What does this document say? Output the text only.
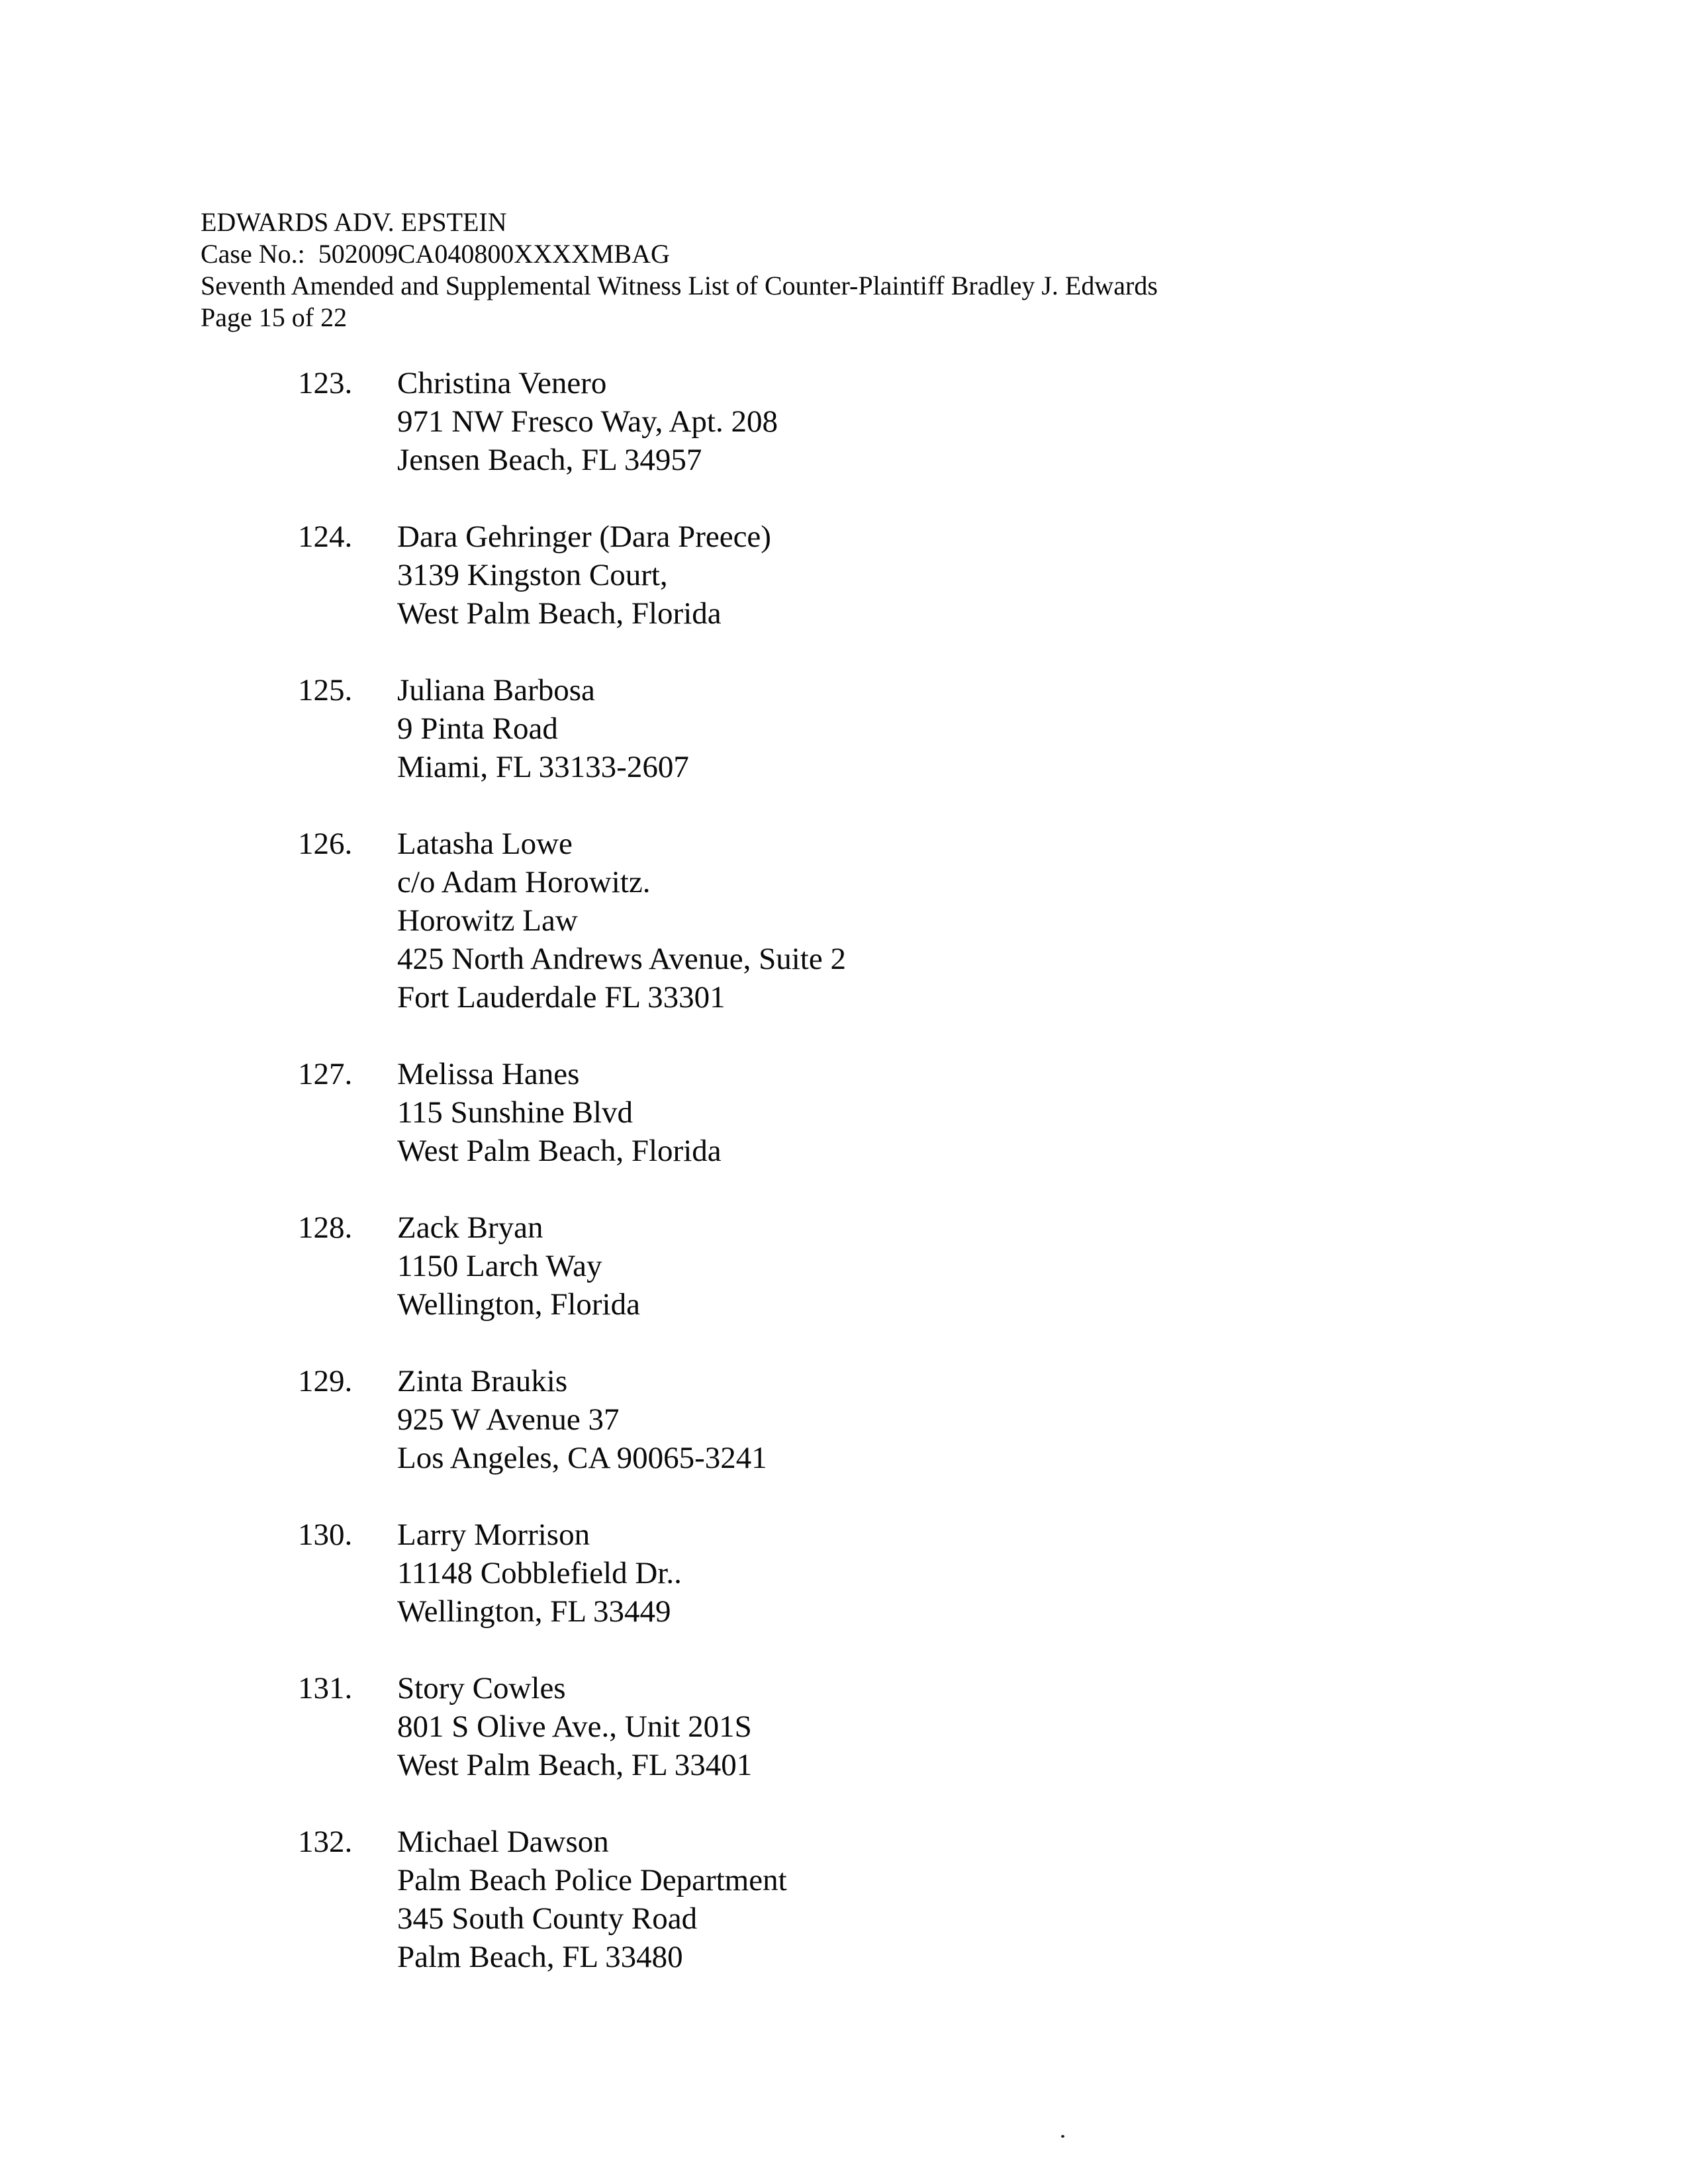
EDWARDS ADV. EPSTEIN
Case No.:  502009CA040800XXXXMBAG
Seventh Amended and Supplemental Witness List of Counter-Plaintiff Bradley J. Edwards
Page 15 of 22
123.	Christina Venero
971 NW Fresco Way, Apt. 208
Jensen Beach, FL 34957
124.	Dara Gehringer (Dara Preece)
3139 Kingston Court,
West Palm Beach, Florida
125.	Juliana Barbosa
9 Pinta Road
Miami, FL 33133-2607
126.	Latasha Lowe
c/o Adam Horowitz.
Horowitz Law
425 North Andrews Avenue, Suite 2
Fort Lauderdale FL 33301
127.	Melissa Hanes
115 Sunshine Blvd
West Palm Beach, Florida
128.	Zack Bryan
1150 Larch Way
Wellington, Florida
129.	Zinta Braukis
925 W Avenue 37
Los Angeles, CA 90065-3241
130.	Larry Morrison
11148 Cobblefield Dr..
Wellington, FL 33449
131.	Story Cowles
801 S Olive Ave., Unit 201S
West Palm Beach, FL 33401
132.	Michael Dawson
Palm Beach Police Department
345 South County Road
Palm Beach, FL 33480
